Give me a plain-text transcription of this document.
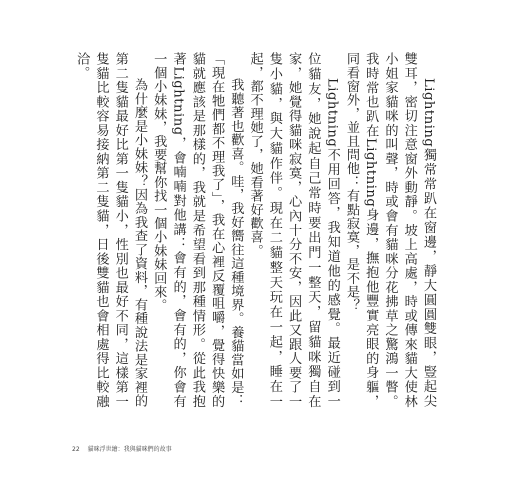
Lightning獨常常趴在窗邊，靜大圓圓雙眼，豎起尖雙耳，密切注意窗外動靜。坡上高處，時或傳來貓大使林小姐家貓咪的叫聲，時或會有貓咪分花拂草之驚鴻一瞥。我時常也趴在Lightning身邊，撫抱他豐實亮眼的身軀，同看窗外，並且問他：有點寂寞，是不是？

Lightning不用回答，我知道他的感覺。最近碰到一位貓友，她說起自己常時要出門一整天，留貓咪獨自在家，她覺得貓咪寂寞，心內十分不安，因此又跟人要了一隻小貓，與大貓作伴。現在二貓整天玩在一起，睡在一起，都不理她了，她看著好歡喜。

我聽著也歡喜。哇，我好嚮往這種境界。養貓當如是：「現在牠們都不理我了」，我在心裡反覆咀嚼，覺得快樂的貓就應該是那樣的，我就是希望看到那種情形。從此我抱著Lightning，會喃喃對他講：會有的，會有的，你會有一個小妹妹，我要幫你找一個小妹妹回來。

為什麼是小妹妹？因為我查了資料，有種說法是家裡的第二隻貓最好比第一隻貓小，性別也最好不同，這樣第一隻貓比較容易接納第二隻貓，日後雙貓也會相處得比較融洽。

22 貓咪浮世繪：我與貓咪們的故事
